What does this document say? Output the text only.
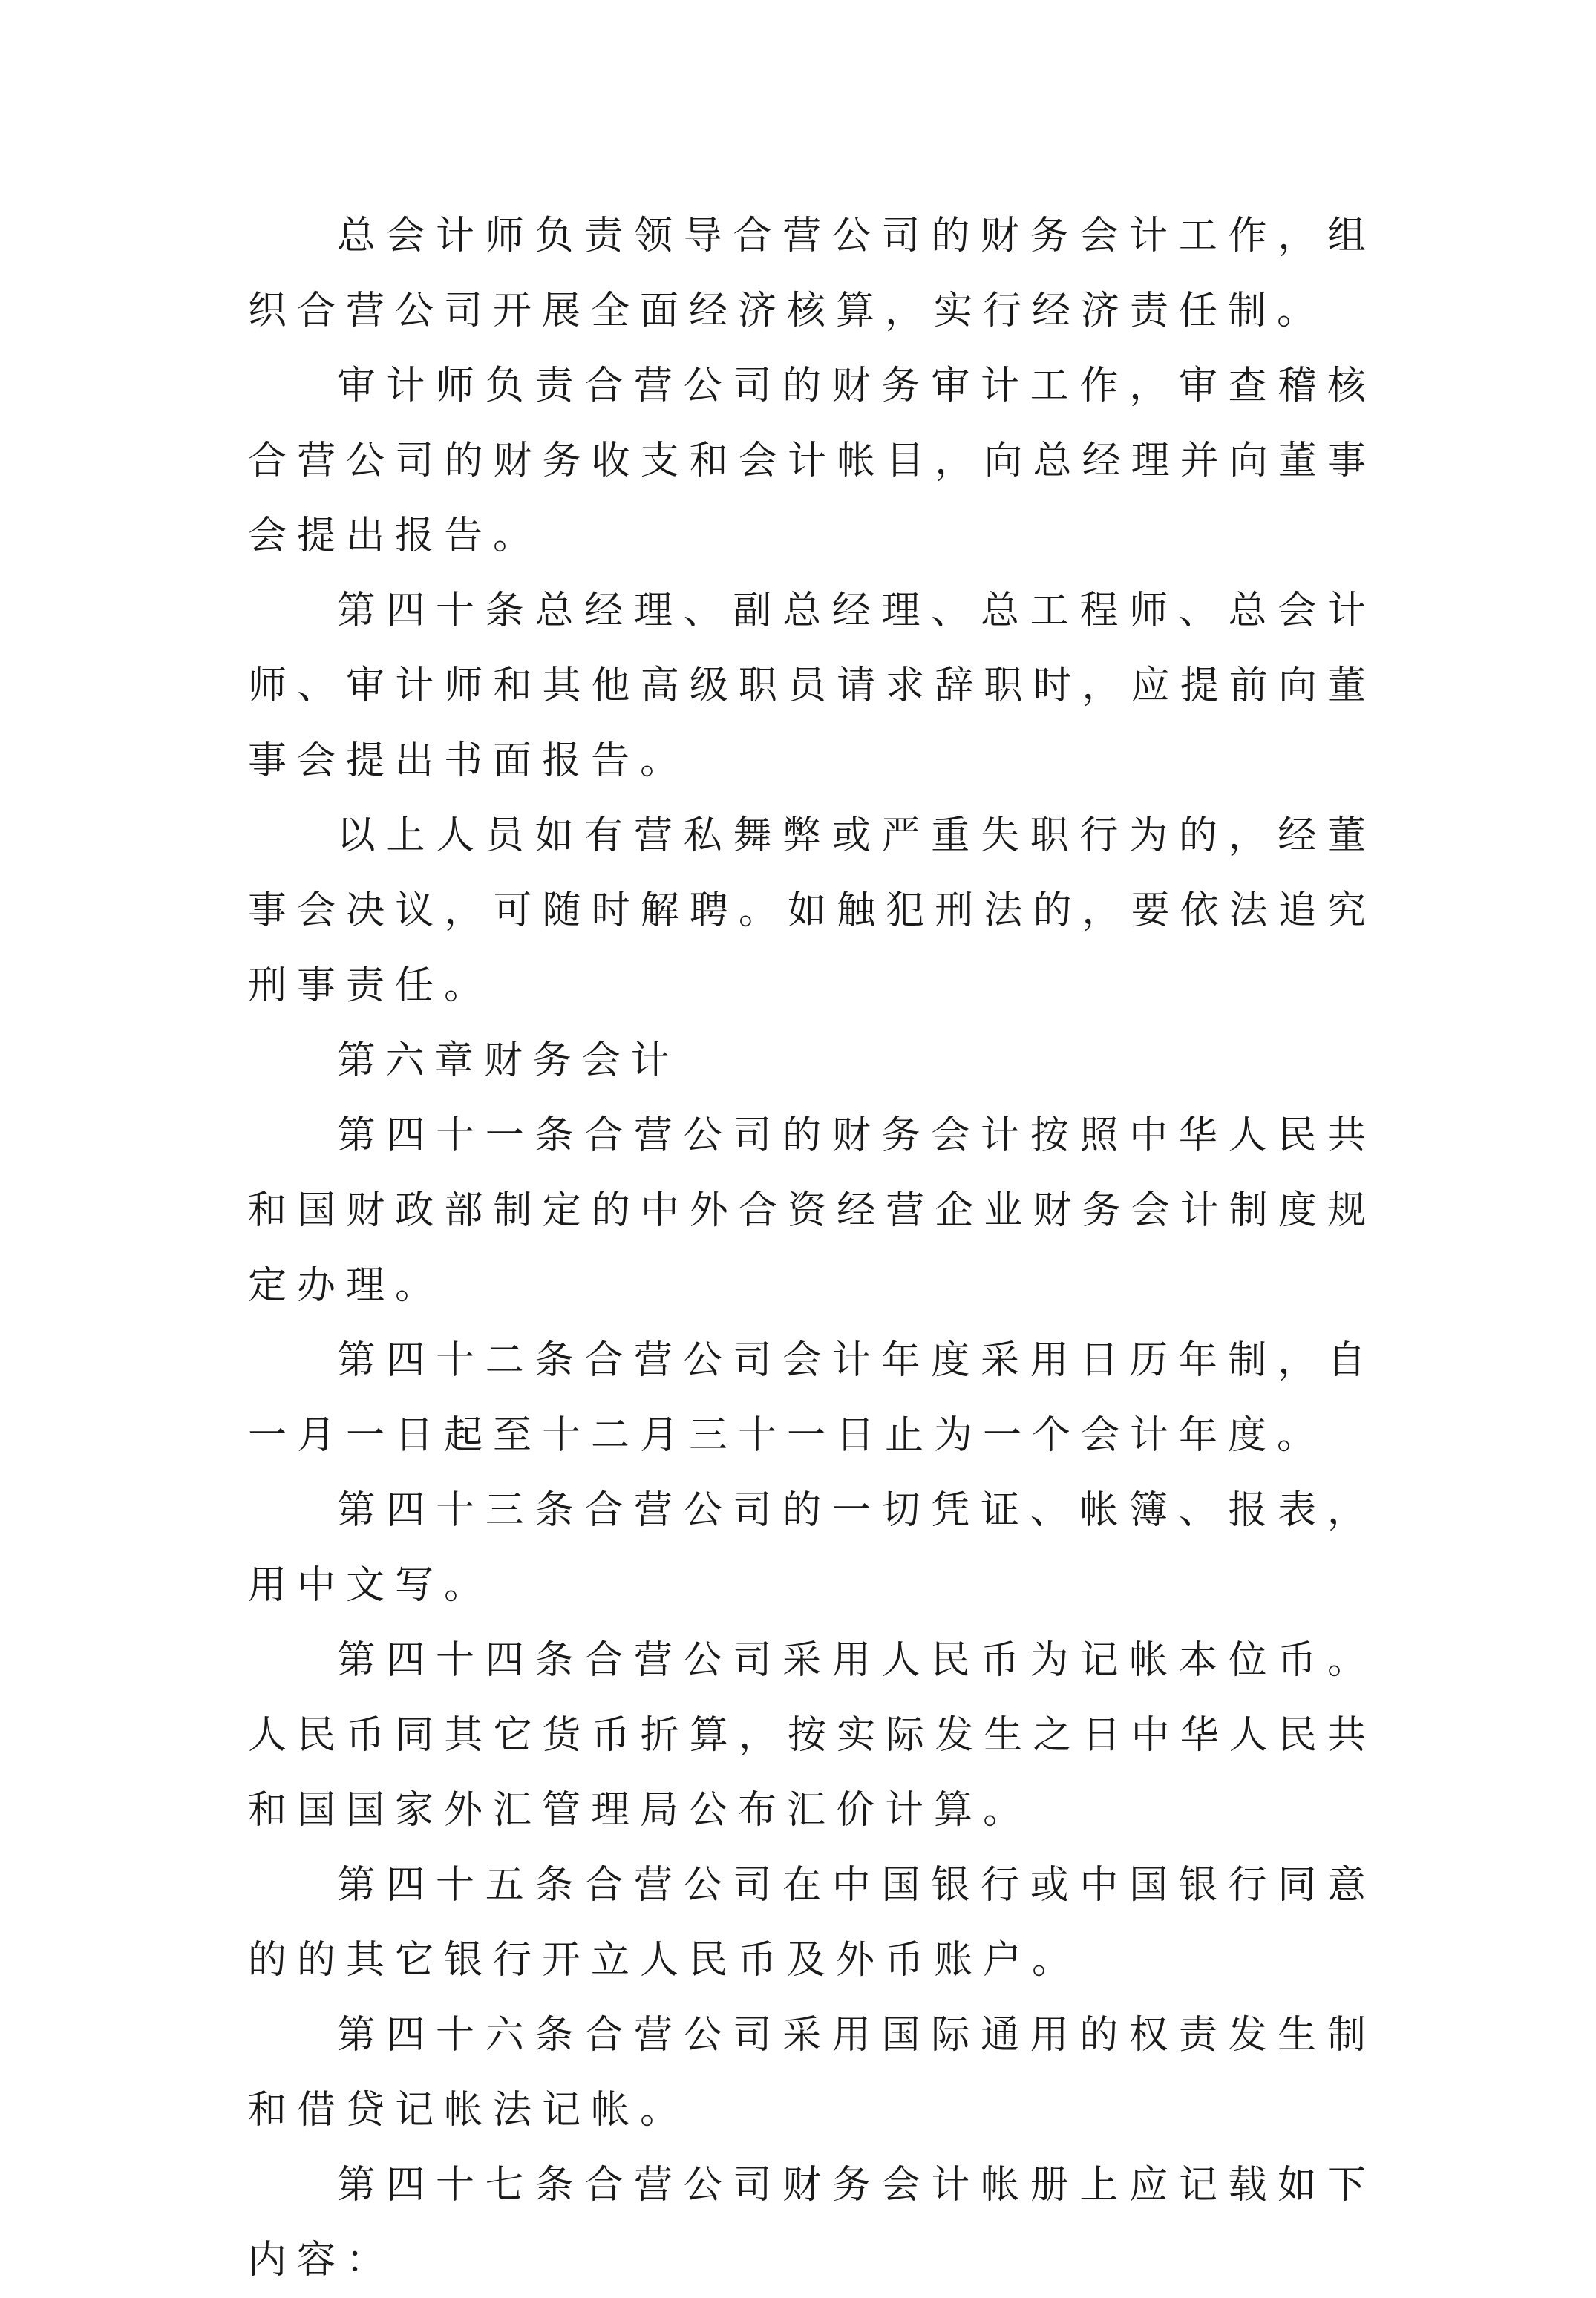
总会计师负责领导合营公司的财务会计工作，组织合营公司开展全面经济核算，实行经济责任制。

审计师负责合营公司的财务审计工作，审查稽核合营公司的财务收支和会计帐目，向总经理并向董事会提出报告。

第四十条总经理、副总经理、总工程师、总会计师、审计师和其他高级职员请求辞职时，应提前向董事会提出书面报告。

以上人员如有营私舞弊或严重失职行为的，经董事会决议，可随时解聘。如触犯刑法的，要依法追究刑事责任。

第六章财务会计

第四十一条合营公司的财务会计按照中华人民共和国财政部制定的中外合资经营企业财务会计制度规定办理。

第四十二条合营公司会计年度采用日历年制，自一月一日起至十二月三十一日止为一个会计年度。

第四十三条合营公司的一切凭证、帐簿、报表，用中文写。

第四十四条合营公司采用人民币为记帐本位币。人民币同其它货币折算，按实际发生之日中华人民共和国国家外汇管理局公布汇价计算。

第四十五条合营公司在中国银行或中国银行同意的的其它银行开立人民币及外币账户。

第四十六条合营公司采用国际通用的权责发生制和借贷记帐法记帐。

第四十七条合营公司财务会计帐册上应记载如下内容：
